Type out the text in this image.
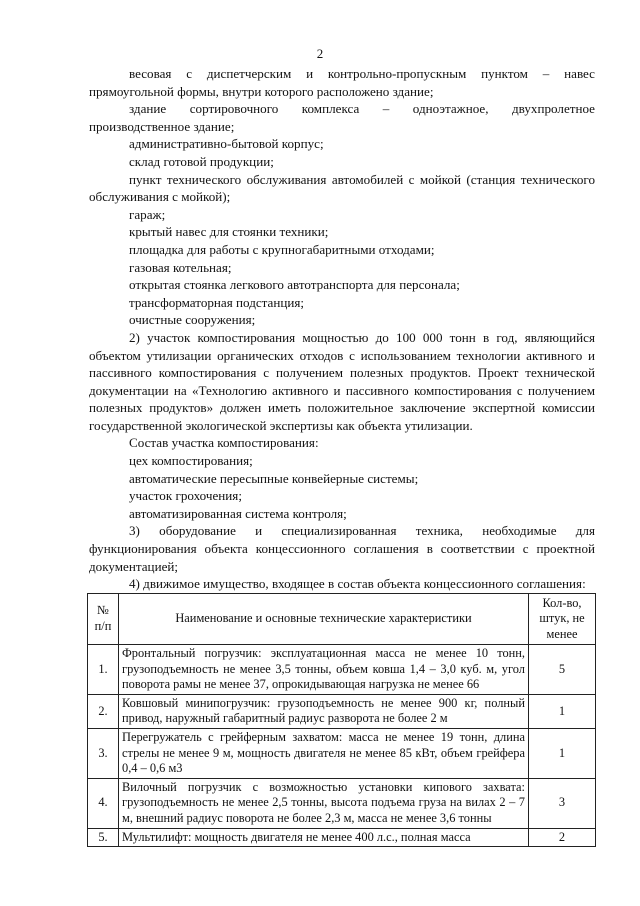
2

весовая с диспетчерским и контрольно-пропускным пунктом – навес прямоугольной формы, внутри которого расположено здание;

здание сортировочного комплекса – одноэтажное, двухпролетное производственное здание;

административно-бытовой корпус;

склад готовой продукции;

пункт технического обслуживания автомобилей с мойкой (станция технического обслуживания с мойкой);

гараж;

крытый навес для стоянки техники;

площадка для работы с крупногабаритными отходами;

газовая котельная;

открытая стоянка легкового автотранспорта для персонала;

трансформаторная подстанция;

очистные сооружения;

2) участок компостирования мощностью до 100 000 тонн в год, являющийся объектом утилизации органических отходов с использованием технологии активного и пассивного компостирования с получением полезных продуктов. Проект технической документации на «Технологию активного и пассивного компостирования с получением полезных продуктов» должен иметь положительное заключение экспертной комиссии государственной экологической экспертизы как объекта утилизации.

Состав участка компостирования:

цех компостирования;

автоматические пересыпные конвейерные системы;

участок грохочения;

автоматизированная система контроля;

3) оборудование и специализированная техника, необходимые для функционирования объекта концессионного соглашения в соответствии с проектной документацией;

4) движимое имущество, входящее в состав объекта концессионного соглашения:

№ п/п	Наименование и основные технические характеристики	Кол-во, штук, не менее
1.	Фронтальный погрузчик: эксплуатационная масса не менее 10 тонн, грузоподъемность не менее 3,5 тонны, объем ковша 1,4 – 3,0 куб. м, угол поворота рамы не менее 37, опрокидывающая нагрузка не менее 66	5
2.	Ковшовый минипогрузчик: грузоподъемность не менее 900 кг, полный привод, наружный габаритный радиус разворота не более 2 м	1
3.	Перегружатель с грейферным захватом: масса не менее 19 тонн, длина стрелы не менее 9 м, мощность двигателя не менее 85 кВт, объем грейфера 0,4 – 0,6 м3	1
4.	Вилочный погрузчик с возможностью установки кипового захвата: грузоподъемность не менее 2,5 тонны, высота подъема груза на вилах 2 – 7 м, внешний радиус поворота не более 2,3 м, масса не менее 3,6 тонны	3
5.	Мультилифт: мощность двигателя не менее 400 л.с., полная масса	2
